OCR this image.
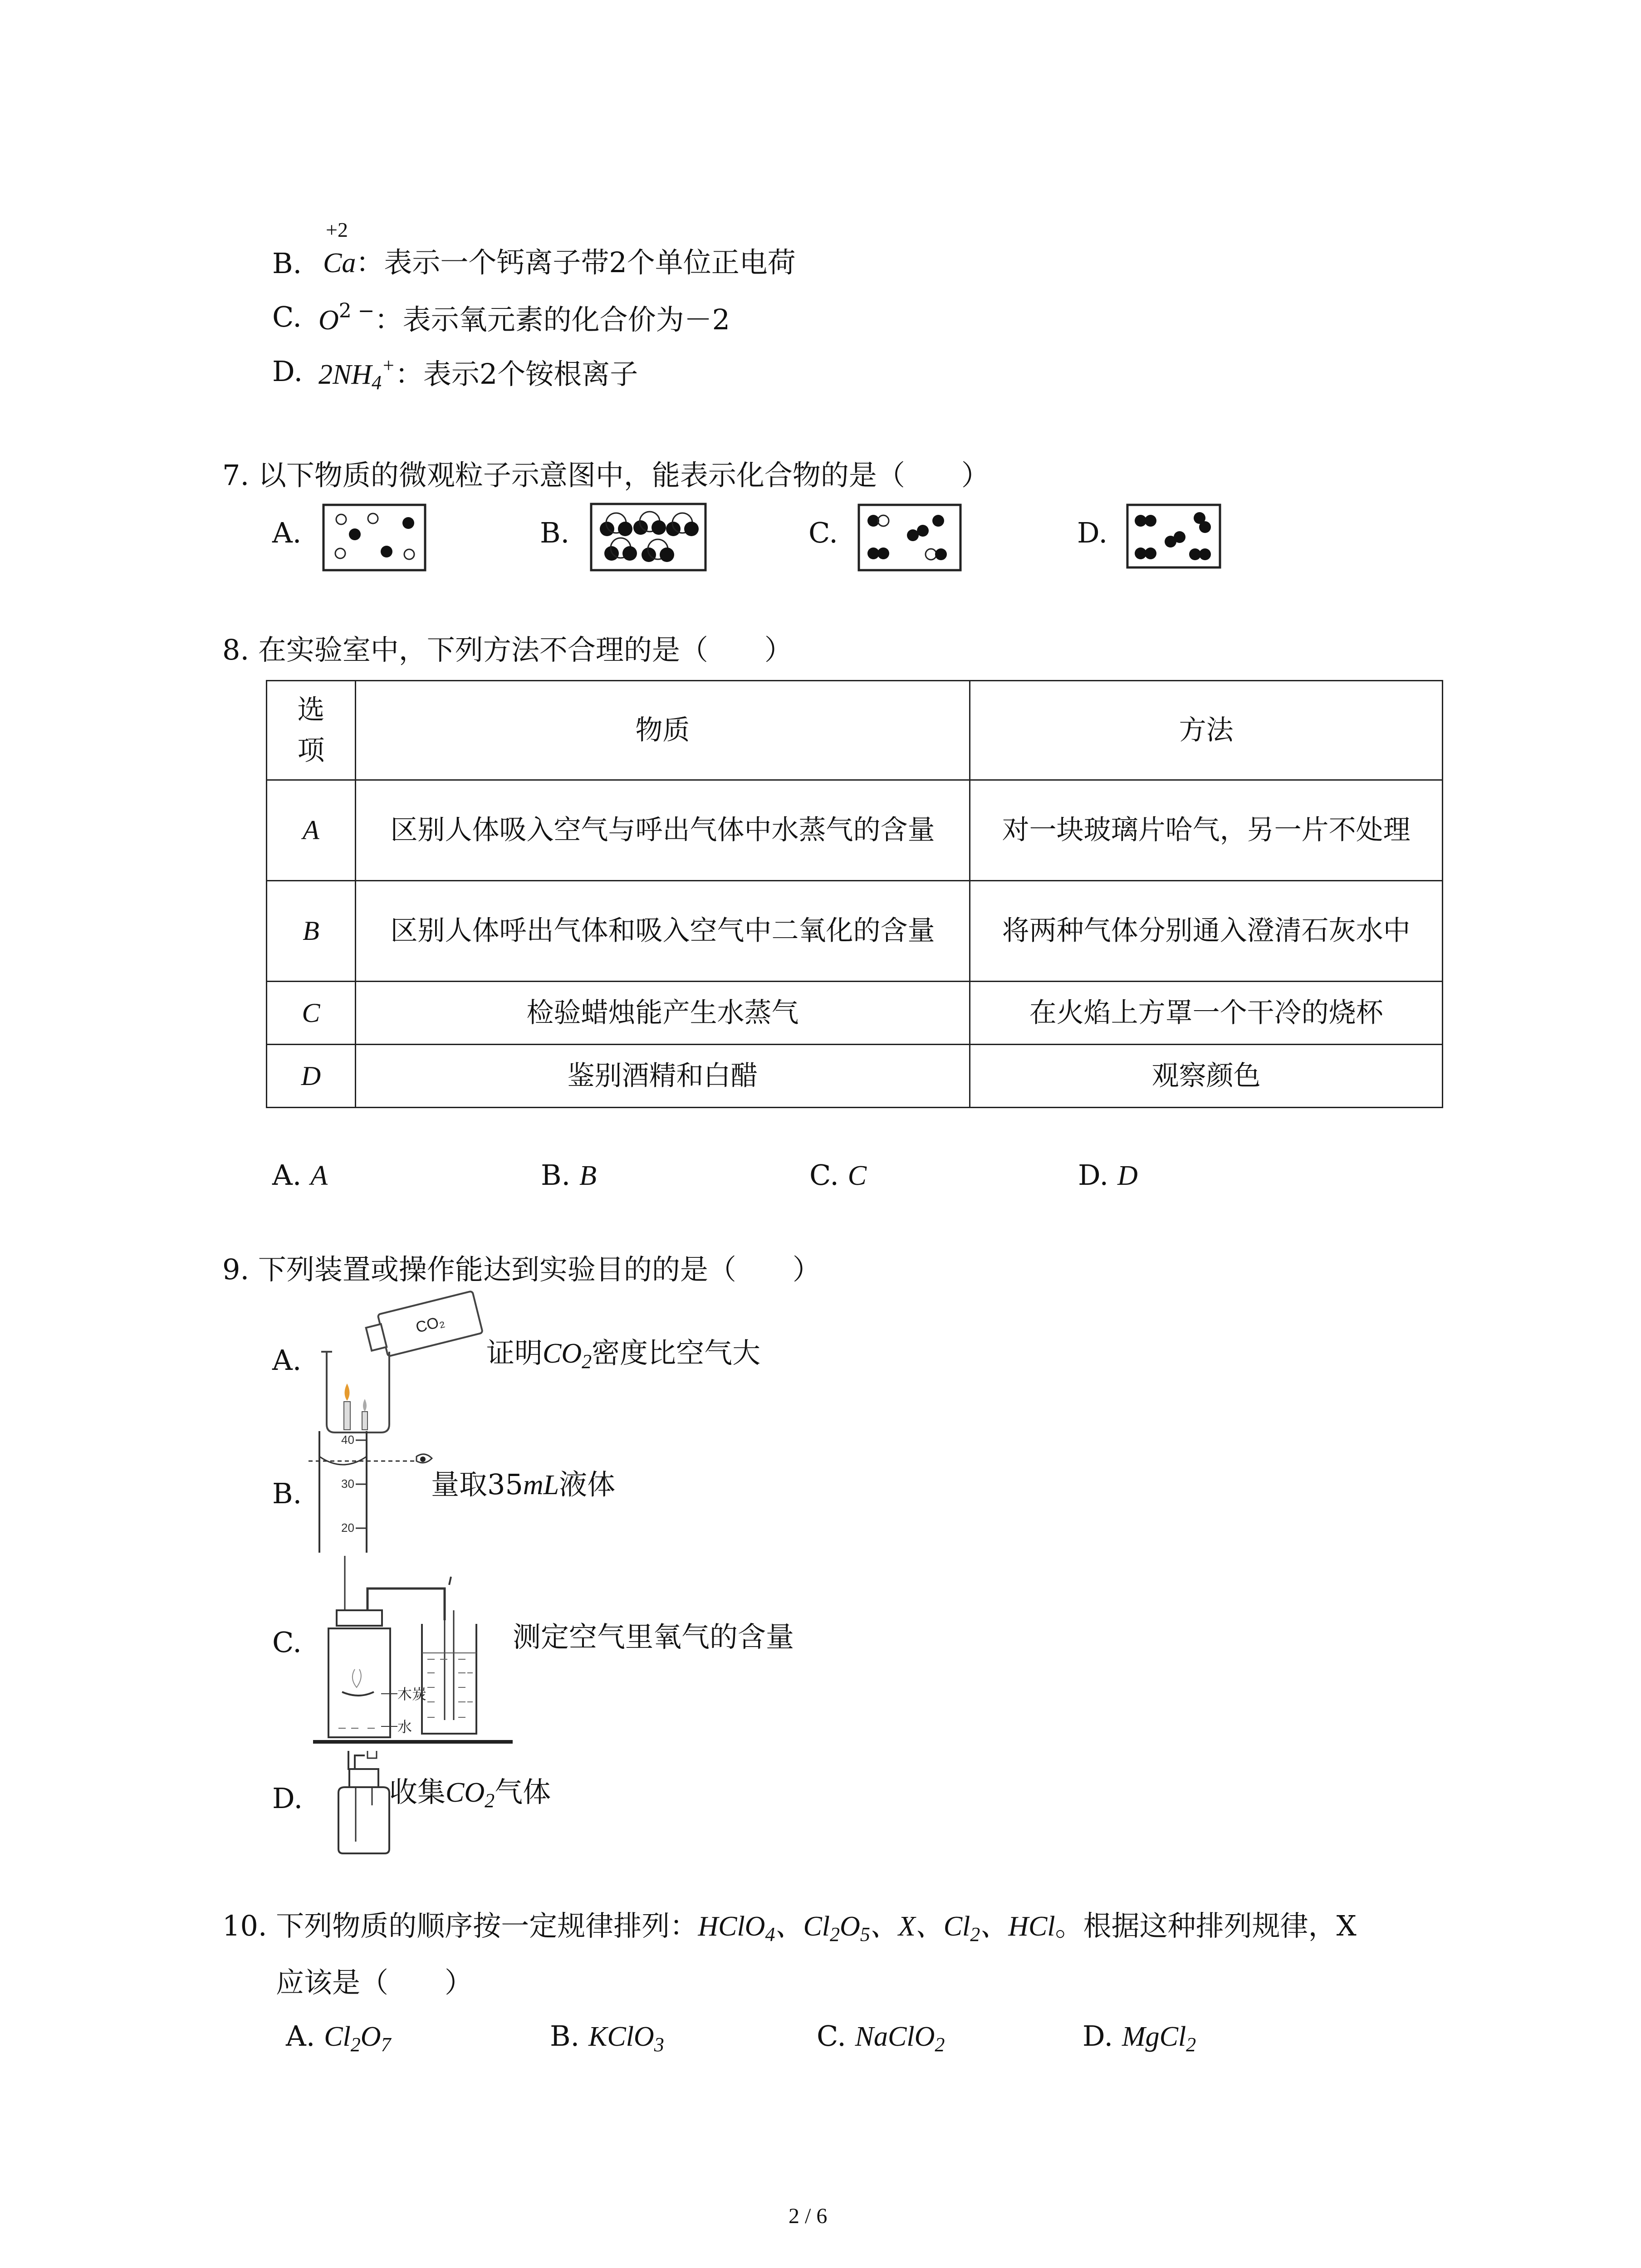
B.
+2
Ca：表示一个钙离子带2个单位正电荷
C. $O^{2 -}$：表示氧元素的化合价为－2
D. $2NH_4^+$：表示2个铵根离子
7. 以下物质的微观粒子示意图中，能表示化合物的是（　　）
A.	B.	C.	D.
8. 在实验室中，下列方法不合理的是（　　）
选项	物质	方法
A	区别人体吸入空气与呼出气体中水蒸气的含量	对一块玻璃片哈气，另一片不处理
B	区别人体呼出气体和吸入空气中二氧化的含量	将两种气体分别通入澄清石灰水中
C	检验蜡烛能产生水蒸气	在火焰上方罩一个干冷的烧杯
D	鉴别酒精和白醋	观察颜色
A. A	B. B	C. C	D. D
9. 下列装置或操作能达到实验目的的是（　　）
A.
CO₂
证明$CO_2$密度比空气大
B.
40
30
20
量取35mL液体
C.
木炭
水
测定空气里氧气的含量
D.	收集$CO_2$气体
10. 下列物质的顺序按一定规律排列：HClO$_4$、$Cl_2O_5$、X、$Cl_2$、HCl。根据这种排列规律，X
应该是（　　）
A. $Cl_2O_7$	B. KClO$_3$	C. NaClO$_2$	D. MgCl$_2$
2 / 6
